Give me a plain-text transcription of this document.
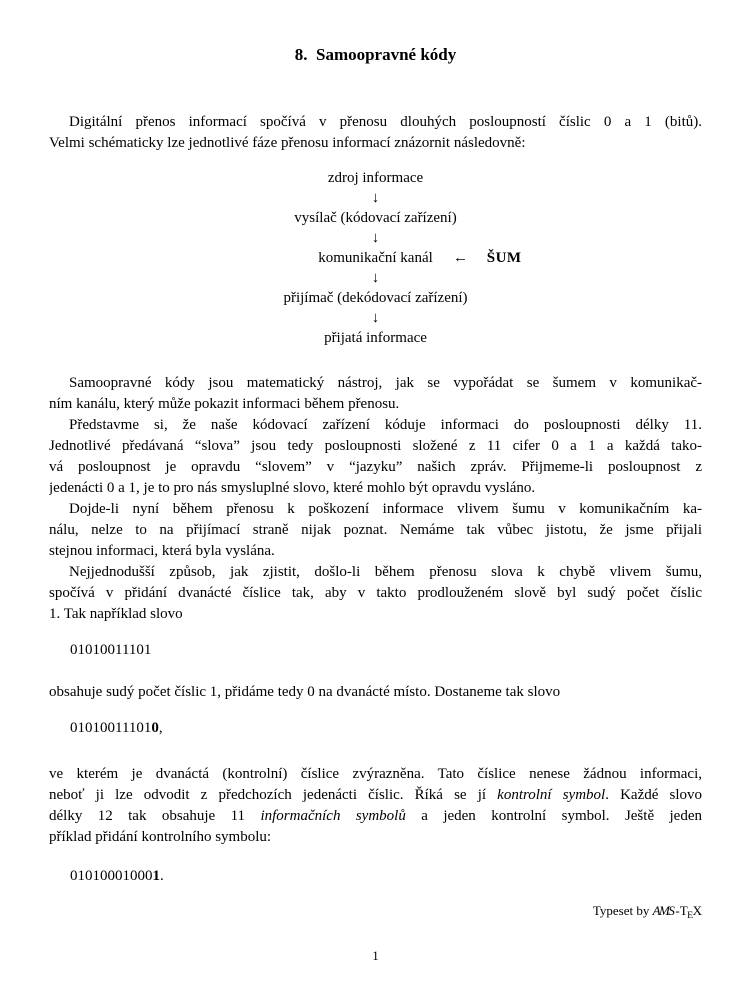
8.  Samoopravné kódy
Digitální přenos informací spočívá v přenosu dlouhých posloupností číslic 0 a 1 (bitů).
Velmi schématicky lze jednotlivé fáze přenosu informací znázornit následovně:
zdroj informace
↓
vysílač (kódovací zařízení)
↓
komunikační kanál ← ŠUM
↓
přijímač (dekódovací zařízení)
↓
přijatá informace
Samoopravné kódy jsou matematický nástroj, jak se vypořádat se šumem v komunikač-
ním kanálu, který může pokazit informaci během přenosu.
Představme si, že naše kódovací zařízení kóduje informaci do posloupnosti délky 11.
Jednotlivé předávaná “slova” jsou tedy posloupnosti složené z 11 cifer 0 a 1 a každá tako-
vá posloupnost je opravdu “slovem” v “jazyku” našich zpráv. Přijmeme-li posloupnost z
jedenácti 0 a 1, je to pro nás smysluplné slovo, které mohlo být opravdu vysláno.
Dojde-li nyní během přenosu k poškození informace vlivem šumu v komunikačním ka-
nálu, nelze to na přijímací straně nijak poznat. Nemáme tak vůbec jistotu, že jsme přijali
stejnou informaci, která byla vyslána.
Nejjednodušší způsob, jak zjistit, došlo-li během přenosu slova k chybě vlivem šumu,
spočívá v přidání dvanácté číslice tak, aby v takto prodlouženém slově byl sudý počet číslic
1. Tak například slovo
01010011101
obsahuje sudý počet číslic 1, přidáme tedy 0 na dvanácté místo. Dostaneme tak slovo
010100111010,
ve kterém je dvanáctá (kontrolní) číslice zvýrazněna. Tato číslice nenese žádnou informaci,
neboť ji lze odvodit z předchozích jedenácti číslic. Říká se jí kontrolní symbol. Každé slovo
délky 12 tak obsahuje 11 informačních symbolů a jeden kontrolní symbol. Ještě jeden
příklad přidání kontrolního symbolu:
010100010001.
Typeset by AMS $-T_EX$
1
